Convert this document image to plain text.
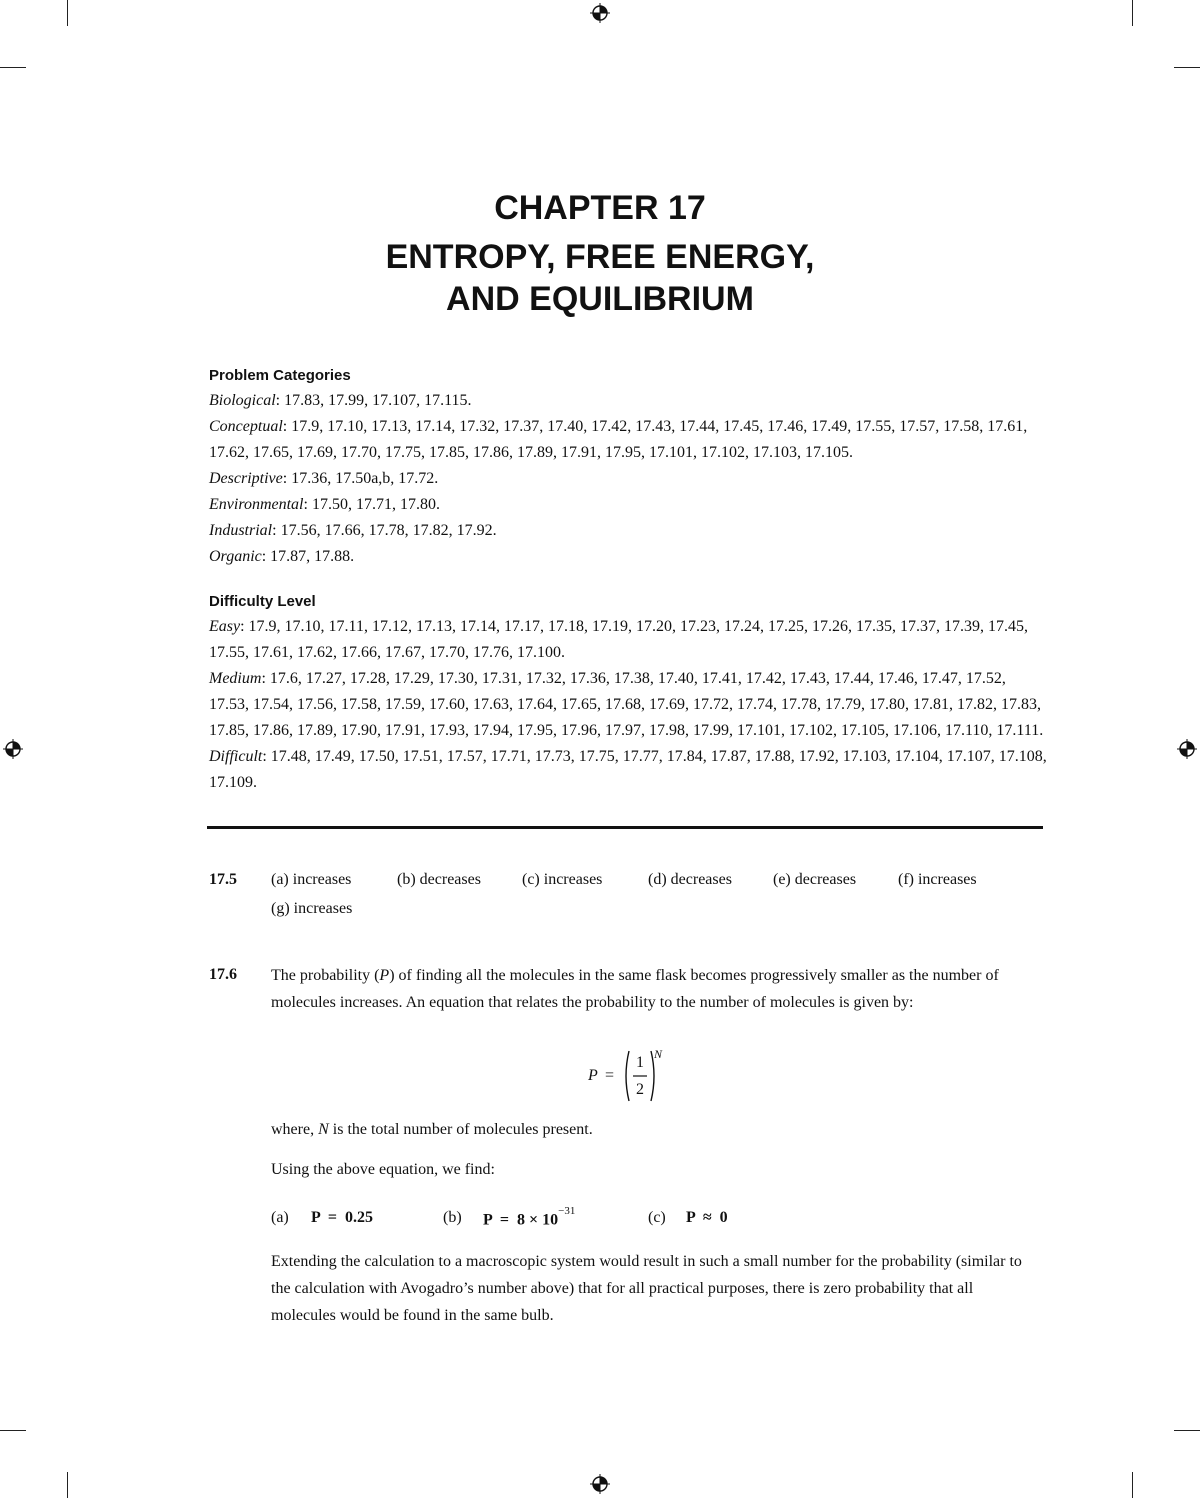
CHAPTER 17
ENTROPY, FREE ENERGY,
AND EQUILIBRIUM
Problem Categories

Biological: 17.83, 17.99, 17.107, 17.115.

Conceptual: 17.9, 17.10, 17.13, 17.14, 17.32, 17.37, 17.40, 17.42, 17.43, 17.44, 17.45, 17.46, 17.49, 17.55, 17.57, 17.58, 17.61, 17.62, 17.65, 17.69, 17.70, 17.75, 17.85, 17.86, 17.89, 17.91, 17.95, 17.101, 17.102, 17.103, 17.105.

Descriptive: 17.36, 17.50a,b, 17.72.

Environmental: 17.50, 17.71, 17.80.

Industrial: 17.56, 17.66, 17.78, 17.82, 17.92.

Organic: 17.87, 17.88.

Difficulty Level

Easy: 17.9, 17.10, 17.11, 17.12, 17.13, 17.14, 17.17, 17.18, 17.19, 17.20, 17.23, 17.24, 17.25, 17.26, 17.35, 17.37, 17.39, 17.45, 17.55, 17.61, 17.62, 17.66, 17.67, 17.70, 17.76, 17.100.

Medium: 17.6, 17.27, 17.28, 17.29, 17.30, 17.31, 17.32, 17.36, 17.38, 17.40, 17.41, 17.42, 17.43, 17.44, 17.46, 17.47, 17.52, 17.53, 17.54, 17.56, 17.58, 17.59, 17.60, 17.63, 17.64, 17.65, 17.68, 17.69, 17.72, 17.74, 17.78, 17.79, 17.80, 17.81, 17.82, 17.83, 17.85, 17.86, 17.89, 17.90, 17.91, 17.93, 17.94, 17.95, 17.96, 17.97, 17.98, 17.99, 17.101, 17.102, 17.105, 17.106, 17.110, 17.111.

Difficult: 17.48, 17.49, 17.50, 17.51, 17.57, 17.71, 17.73, 17.75, 17.77, 17.84, 17.87, 17.88, 17.92, 17.103, 17.104, 17.107, 17.108, 17.109.

17.5 (a) increases	(b) decreases	(c) increases	(d) decreases	(e) decreases	(f) increases
(g) increases
17.6 The probability (P) of finding all the molecules in the same flask becomes progressively smaller as the number of molecules increases. An equation that relates the probability to the number of molecules is given by:
P =
1
2
N
where, N is the total number of molecules present.
Using the above equation, we find:
(a) P  =  0.25	(b) $P = 8 \times 10^{-31}$	(c) P  ≈  0
Extending the calculation to a macroscopic system would result in such a small number for the probability (similar to the calculation with Avogadro’s number above) that for all practical purposes, there is zero probability that all molecules would be found in the same bulb.
